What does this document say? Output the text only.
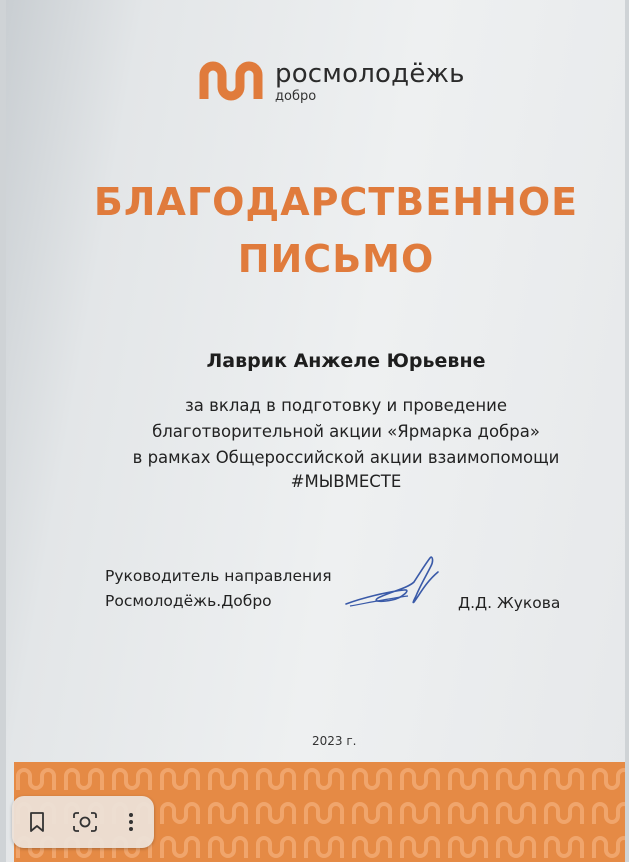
росмолодёжь
добро
БЛАГОДАРСТВЕННОЕ
ПИСЬМО
Лаврик Анжеле Юрьевне
за вклад в подготовку и проведение
благотворительной акции «Ярмарка добра»
в рамках Общероссийской акции взаимопомощи
#МЫВМЕСТЕ
Руководитель направления
Росмолодёжь.Добро	Д.Д. Жукова
2023 г.
